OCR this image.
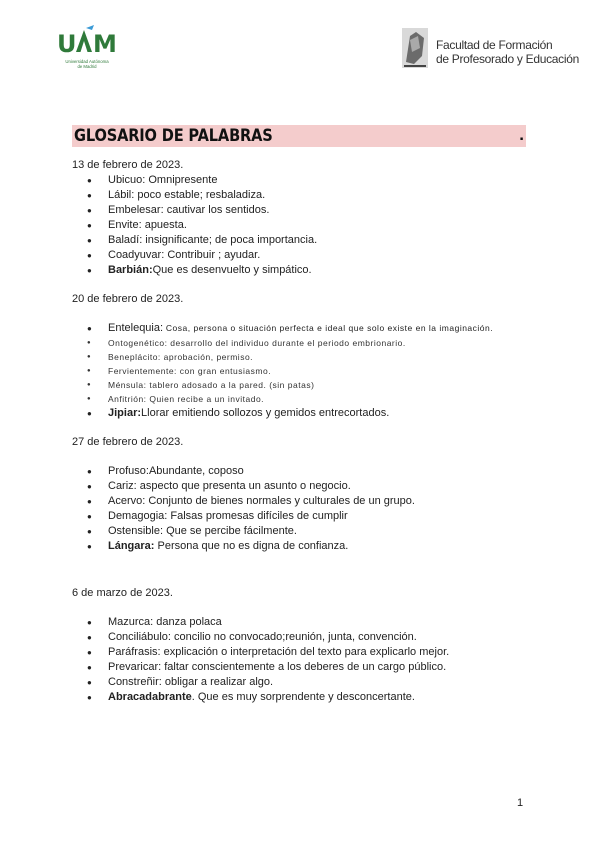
U M
Universidad Autónoma
de Madrid
Facultad de Formación
de Profesorado y Educación
GLOSARIO DE PALABRAS	.
13 de febrero de 2023.
● Ubicuo: Omnipresente
● Lábil: poco estable; resbaladiza.
● Embelesar: cautivar los sentidos.
● Envite: apuesta.
● Baladí: insignificante; de poca importancia.
● Coadyuvar: Contribuir ; ayudar.
● Barbián:Que es desenvuelto y simpático.
20 de febrero de 2023.
● Entelequia: Cosa, persona o situación perfecta e ideal que solo existe en la imaginación.
● Ontogenético: desarrollo del individuo durante el periodo embrionario.
● Beneplácito: aprobación, permiso.
● Fervientemente: con gran entusiasmo.
● Ménsula: tablero adosado a la pared. (sin patas)
● Anfitrión: Quien recibe a un invitado.
● Jipiar:Llorar emitiendo sollozos y gemidos entrecortados.
27 de febrero de 2023.
● Profuso:Abundante, coposo
● Cariz: aspecto que presenta un asunto o negocio.
● Acervo: Conjunto de bienes normales y culturales de un grupo.
● Demagogia: Falsas promesas difíciles de cumplir
● Ostensible: Que se percibe fácilmente.
● Lángara: Persona que no es digna de confianza.
6 de marzo de 2023.
● Mazurca: danza polaca
● Conciliábulo: concilio no convocado;reunión, junta, convención.
● Paráfrasis: explicación o interpretación del texto para explicarlo mejor.
● Prevaricar: faltar conscientemente a los deberes de un cargo público.
● Constreñir: obligar a realizar algo.
● Abracadabrante. Que es muy sorprendente y desconcertante.
1
